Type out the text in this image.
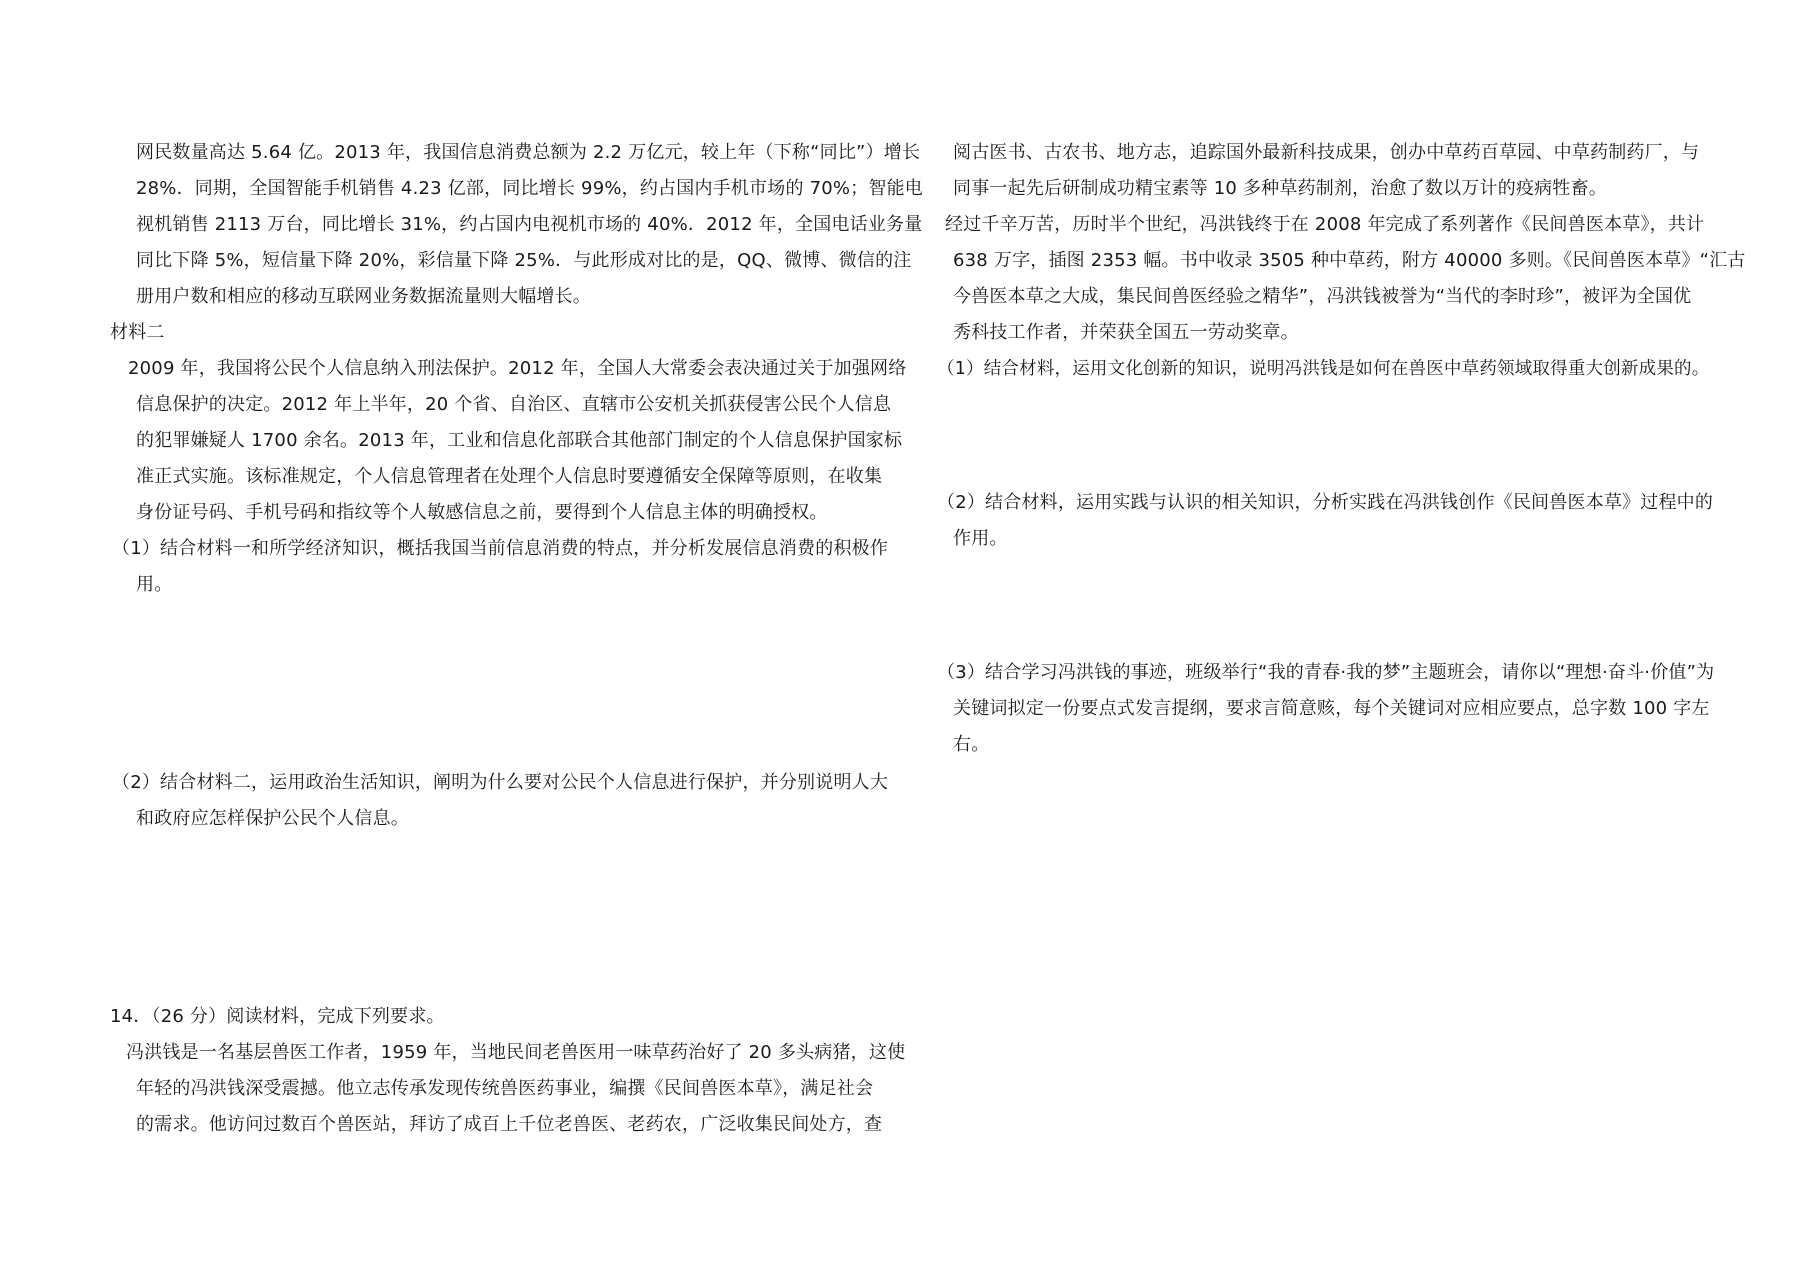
网民数量高达 5.64 亿。2013 年，我国信息消费总额为 2.2 万亿元，较上年（下称“同比”）增长
28%．同期，全国智能手机销售 4.23 亿部，同比增长 99%，约占国内手机市场的 70%；智能电
视机销售 2113 万台，同比增长 31%，约占国内电视机市场的 40%．2012 年，全国电话业务量
同比下降 5%，短信量下降 20%，彩信量下降 25%．与此形成对比的是，QQ、微博、微信的注
册用户数和相应的移动互联网业务数据流量则大幅增长。
材料二
2009 年，我国将公民个人信息纳入刑法保护。2012 年，全国人大常委会表决通过关于加强网络
信息保护的决定。2012 年上半年，20 个省、自治区、直辖市公安机关抓获侵害公民个人信息
的犯罪嫌疑人 1700 余名。2013 年，工业和信息化部联合其他部门制定的个人信息保护国家标
准正式实施。该标准规定，个人信息管理者在处理个人信息时要遵循安全保障等原则，在收集
身份证号码、手机号码和指纹等个人敏感信息之前，要得到个人信息主体的明确授权。
（1）结合材料一和所学经济知识，概括我国当前信息消费的特点，并分析发展信息消费的积极作
用。
（2）结合材料二，运用政治生活知识，阐明为什么要对公民个人信息进行保护，并分别说明人大
和政府应怎样保护公民个人信息。
14．（26 分）阅读材料，完成下列要求。
冯洪钱是一名基层兽医工作者，1959 年，当地民间老兽医用一味草药治好了 20 多头病猪，这使
年轻的冯洪钱深受震撼。他立志传承发现传统兽医药事业，编撰《民间兽医本草》，满足社会
的需求。他访问过数百个兽医站，拜访了成百上千位老兽医、老药农，广泛收集民间处方，查
阅古医书、古农书、地方志，追踪国外最新科技成果，创办中草药百草园、中草药制药厂，与
同事一起先后研制成功精宝素等 10 多种草药制剂，治愈了数以万计的疫病牲畜。
经过千辛万苦，历时半个世纪，冯洪钱终于在 2008 年完成了系列著作《民间兽医本草》，共计
638 万字，插图 2353 幅。书中收录 3505 种中草药，附方 40000 多则。《民间兽医本草》“汇古
今兽医本草之大成，集民间兽医经验之精华”，冯洪钱被誉为“当代的李时珍”，被评为全国优
秀科技工作者，并荣获全国五一劳动奖章。
（1）结合材料，运用文化创新的知识，说明冯洪钱是如何在兽医中草药领域取得重大创新成果的。
（2）结合材料，运用实践与认识的相关知识，分析实践在冯洪钱创作《民间兽医本草》过程中的
作用。
（3）结合学习冯洪钱的事迹，班级举行“我的青春·我的梦”主题班会，请你以“理想·奋斗·价值”为
关键词拟定一份要点式发言提纲，要求言简意赅，每个关键词对应相应要点，总字数 100 字左
右。
